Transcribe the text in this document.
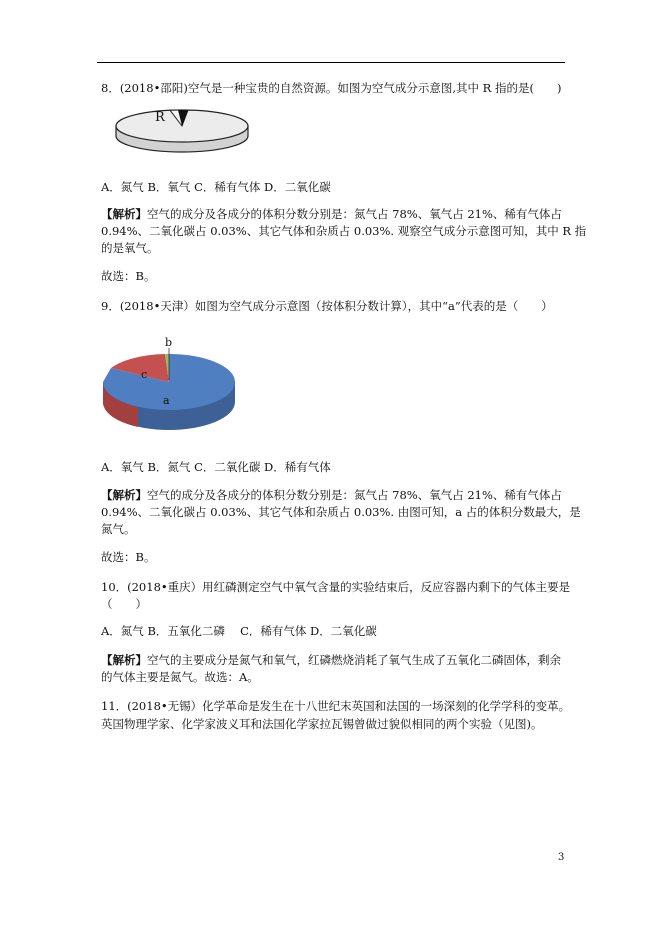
8．(2018•邵阳)空气是一种宝贵的自然资源。如图为空气成分示意图,其中 R 指的是(　　)
R
A．氮气 B．氧气 C．稀有气体 D．二氧化碳
【解析】空气的成分及各成分的体积分数分别是：氮气占 78%、氧气占 21%、稀有气体占
0.94%、二氧化碳占 0.03%、其它气体和杂质占 0.03%. 观察空气成分示意图可知，其中 R 指
的是氧气。
故选：B。
9．(2018•天津）如图为空气成分示意图（按体积分数计算），其中“a”代表的是（　　）
b
c
a
A．氧气 B．氮气 C．二氧化碳 D．稀有气体
【解析】空气的成分及各成分的体积分数分别是：氮气占 78%、氧气占 21%、稀有气体占
0.94%、二氧化碳占 0.03%、其它气体和杂质占 0.03%. 由图可知，a 占的体积分数最大，是
氮气。
故选：B。
10．(2018•重庆）用红磷测定空气中氧气含量的实验结束后，反应容器内剩下的气体主要是
（　　）
A．氮气 B．五氧化二磷　 C．稀有气体 D．二氧化碳
【解析】空气的主要成分是氮气和氧气，红磷燃烧消耗了氧气生成了五氧化二磷固体，剩余
的气体主要是氮气。故选：A。
11．(2018•无锡）化学革命是发生在十八世纪末英国和法国的一场深刻的化学学科的变革。
英国物理学家、化学家波义耳和法国化学家拉瓦锡曾做过貌似相同的两个实验（见图)。
3
